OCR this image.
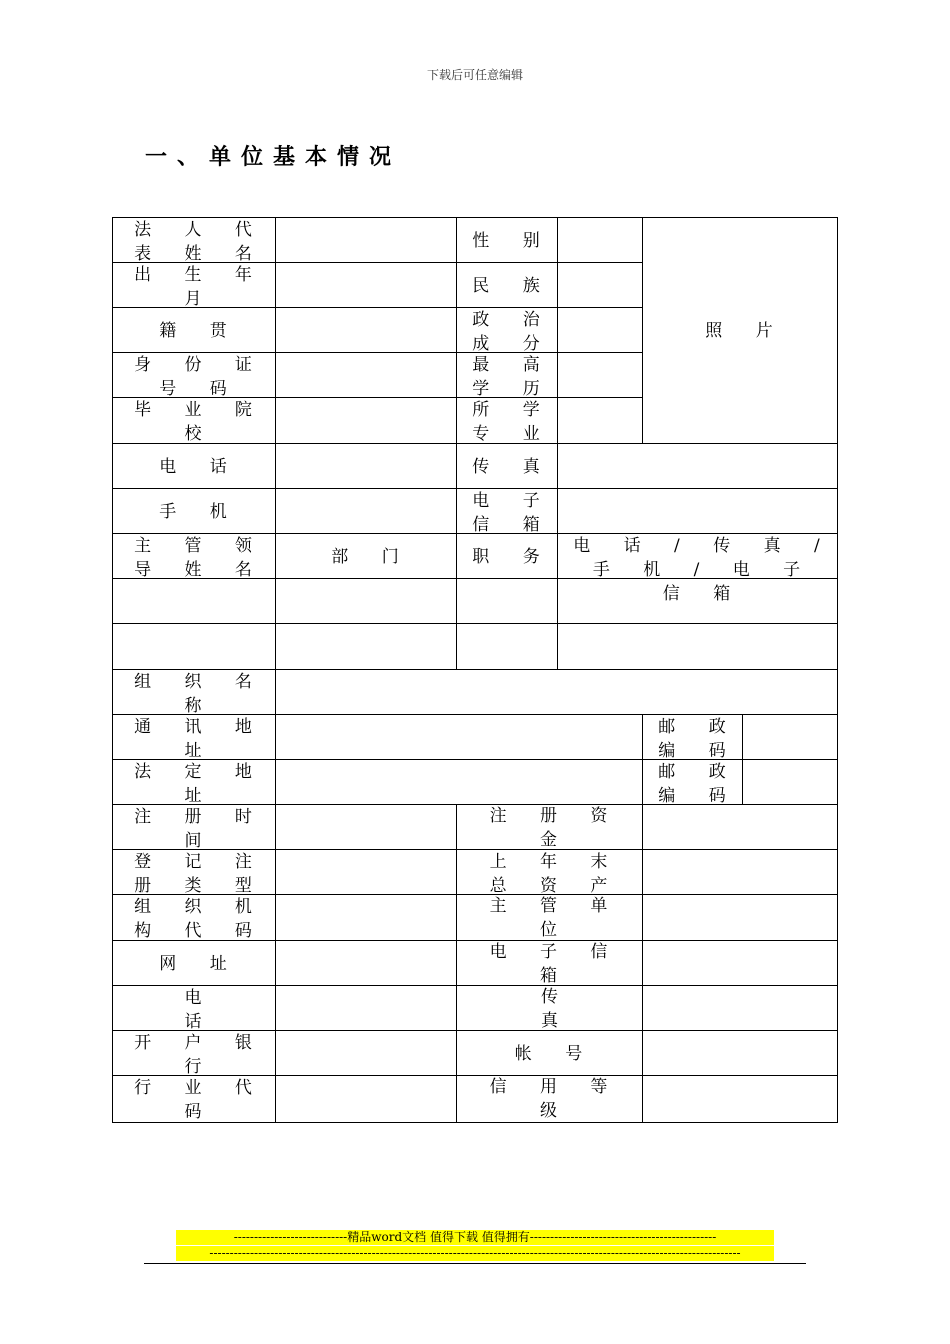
下载后可任意编辑
一、单位基本情况
法 人 代 表 姓 名
性 别
照 片
出 生 年 月
民 族
籍 贯
政 治 成 分
身 份 证 号 码
最 高 学 历
毕 业 院 校
所 学 专 业
电 话	传 真
手 机
电 子 信 箱
主 管 领 导 姓 名
部 门	职 务
电 话 / 传 真 / 手 机 / 电 子 信 箱
组 织 名 称
通 讯 地 址
邮 政 编 码
法 定 地 址
邮 政 编 码
注 册 时 间
注 册 资 金
登 记 注 册 类 型
上 年 末 总 资 产
组 织 机 构 代 码
主 管 单 位
网 址
电 子 信 箱
电 话
传 真
开 户 银 行
帐 号
行 业 代 码
信 用 等 级
----------------------------精品word文档 值得下载 值得拥有----------------------------------------------
-----------------------------------------------------------------------------------------------------------------------------------
